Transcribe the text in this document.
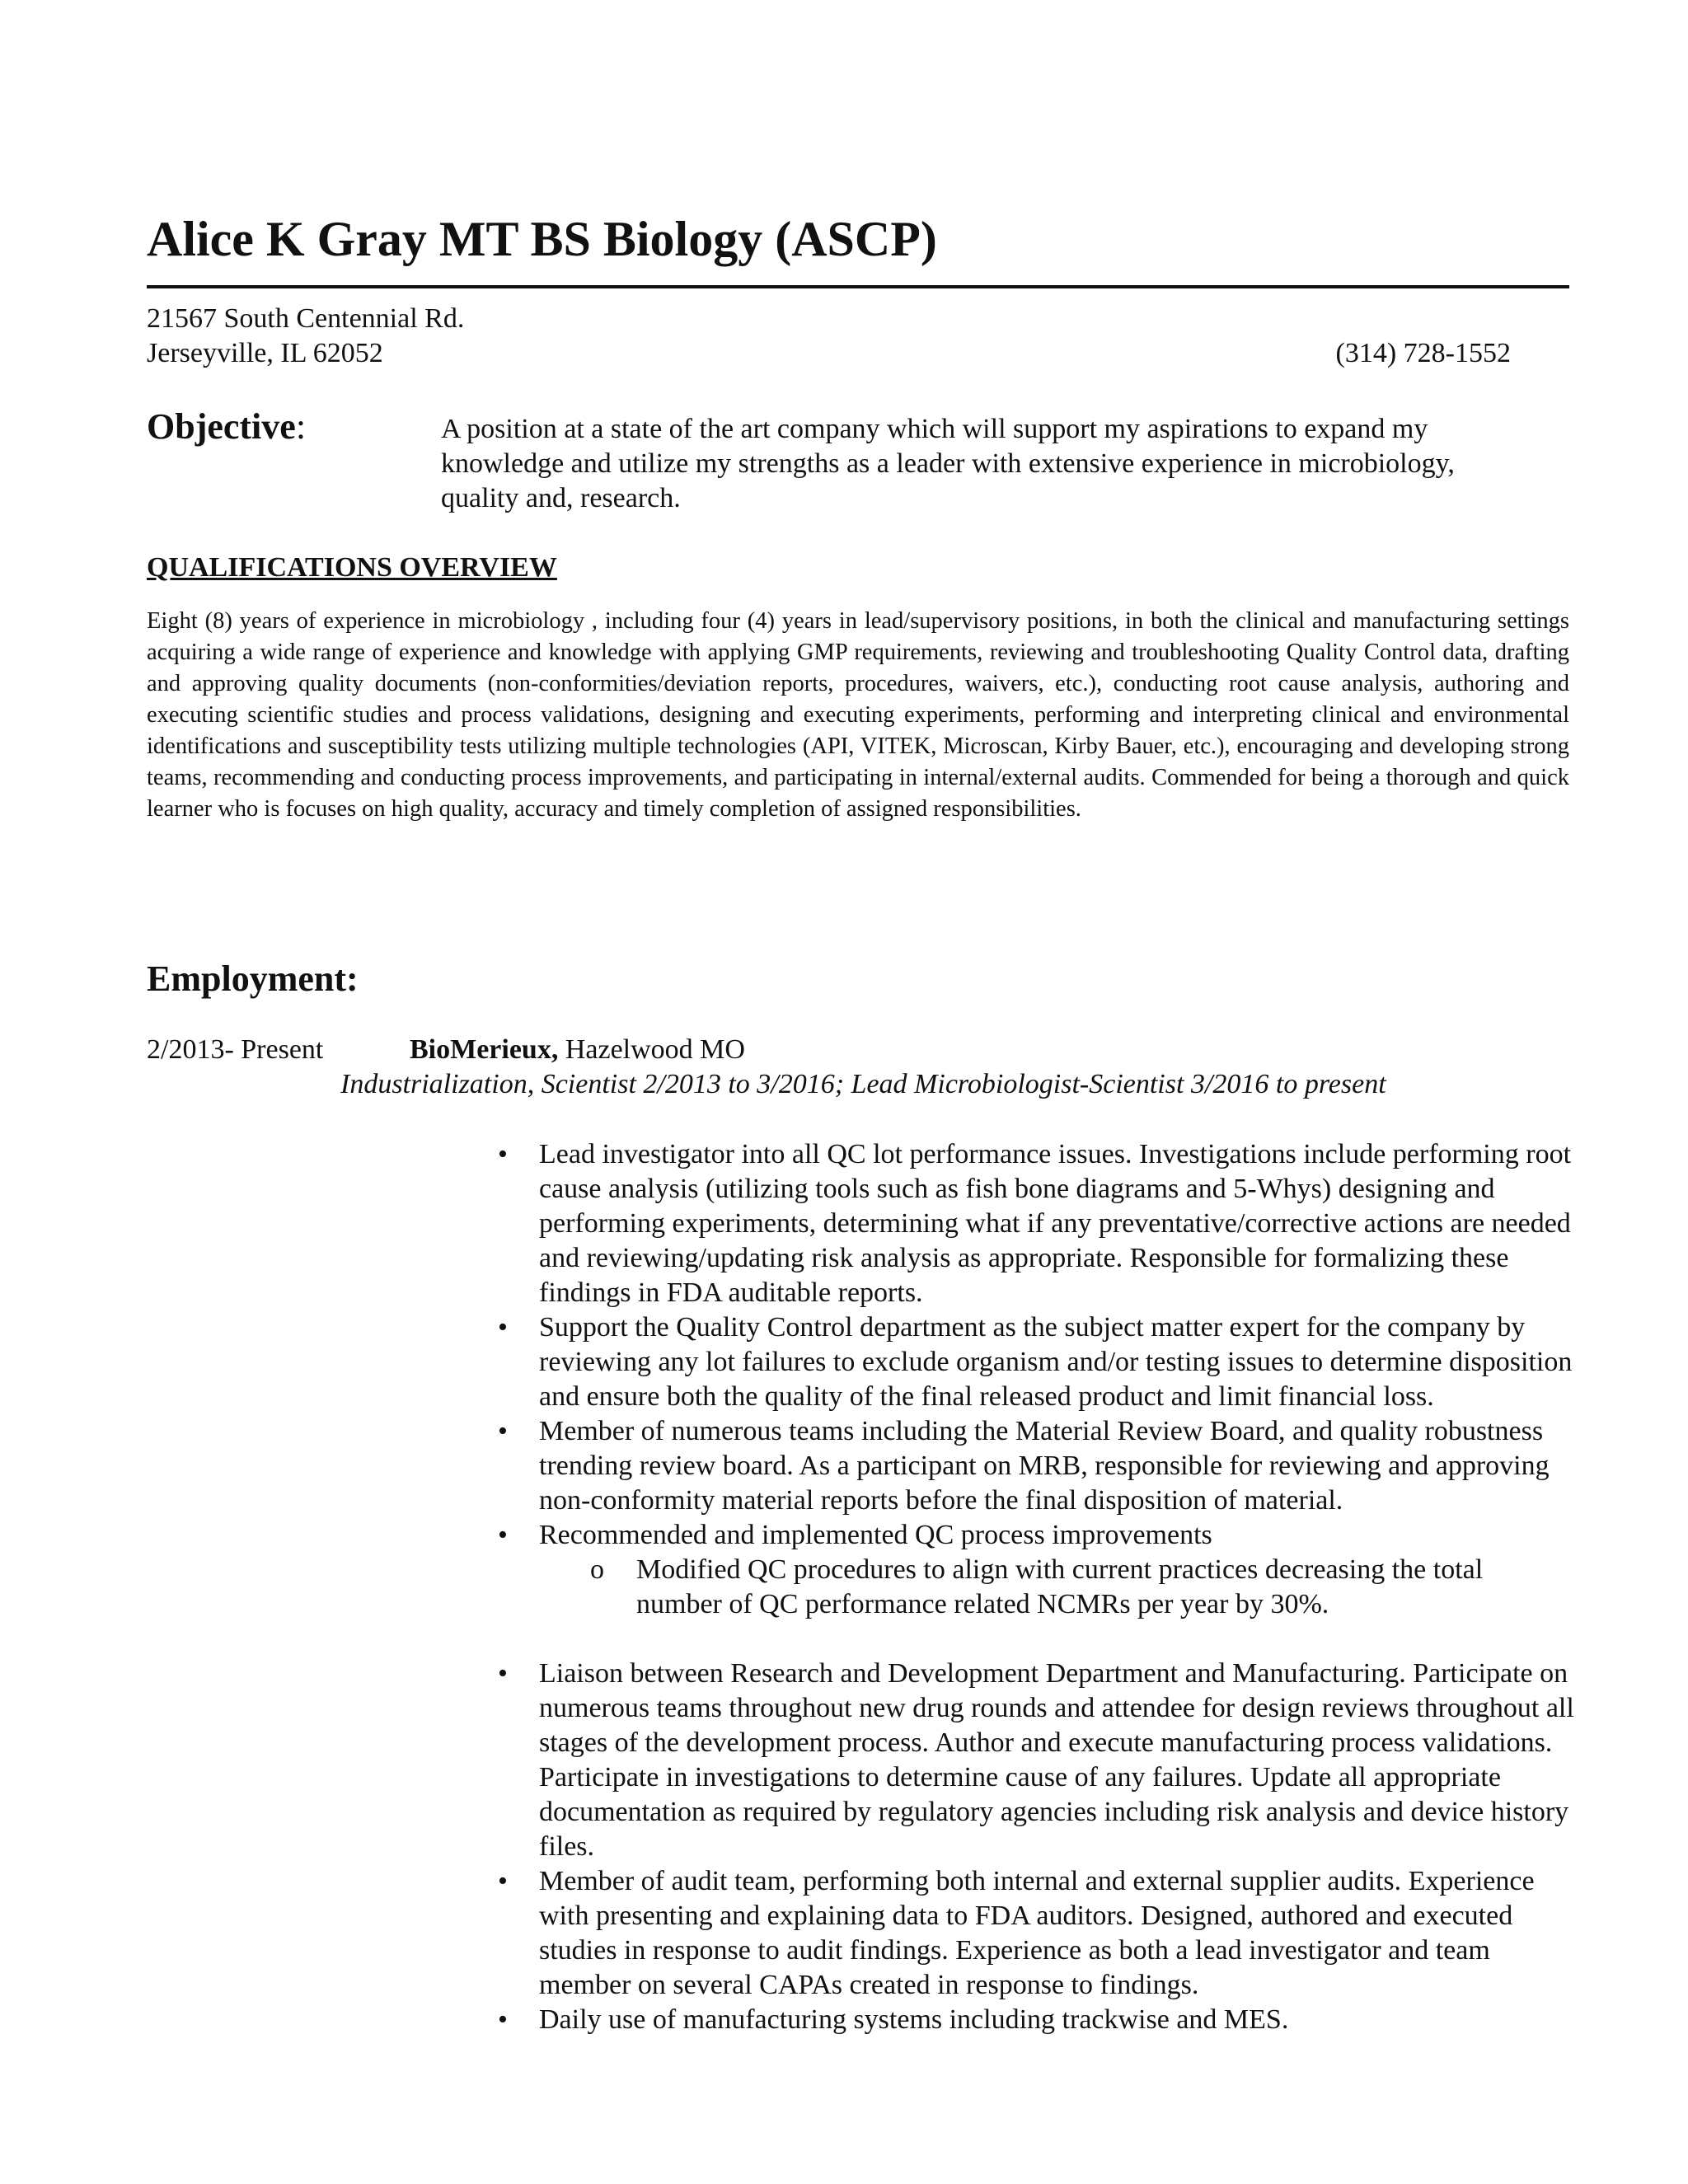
Alice K Gray MT BS Biology (ASCP)
21567 South Centennial Rd.
Jerseyville, IL 62052	(314) 728-1552
Objective:	A position at a state of the art company which will support my aspirations to expand my knowledge and utilize my strengths as a leader with extensive experience in microbiology, quality and, research.
QUALIFICATIONS OVERVIEW
Eight (8) years of experience in microbiology , including four (4) years in lead/supervisory positions, in both the clinical and manufacturing settings acquiring a wide range of experience and knowledge with applying GMP requirements, reviewing and troubleshooting Quality Control data, drafting and approving quality documents (non-conformities/deviation reports, procedures, waivers, etc.), conducting root cause analysis, authoring and executing scientific studies and process validations, designing and executing experiments, performing and interpreting clinical and environmental identifications and susceptibility tests utilizing multiple technologies (API, VITEK, Microscan, Kirby Bauer, etc.), encouraging and developing strong teams, recommending and conducting process improvements, and participating in internal/external audits. Commended for being a thorough and quick learner who is focuses on high quality, accuracy and timely completion of assigned responsibilities.
Employment:
2/2013- Present	BioMerieux, Hazelwood MO
Industrialization, Scientist 2/2013 to 3/2016; Lead Microbiologist-Scientist 3/2016 to present
• Lead investigator into all QC lot performance issues. Investigations include performing root cause analysis (utilizing tools such as fish bone diagrams and 5-Whys) designing and performing experiments, determining what if any preventative/corrective actions are needed and reviewing/updating risk analysis as appropriate. Responsible for formalizing these findings in FDA auditable reports.
• Support the Quality Control department as the subject matter expert for the company by reviewing any lot failures to exclude organism and/or testing issues to determine disposition and ensure both the quality of the final released product and limit financial loss.
• Member of numerous teams including the Material Review Board, and quality robustness trending review board. As a participant on MRB, responsible for reviewing and approving non-conformity material reports before the final disposition of material.
• Recommended and implemented QC process improvements
o Modified QC procedures to align with current practices decreasing the total number of QC performance related NCMRs per year by 30%.
• Liaison between Research and Development Department and Manufacturing. Participate on numerous teams throughout new drug rounds and attendee for design reviews throughout all stages of the development process. Author and execute manufacturing process validations. Participate in investigations to determine cause of any failures. Update all appropriate documentation as required by regulatory agencies including risk analysis and device history files.
• Member of audit team, performing both internal and external supplier audits. Experience with presenting and explaining data to FDA auditors. Designed, authored and executed studies in response to audit findings. Experience as both a lead investigator and team member on several CAPAs created in response to findings.
• Daily use of manufacturing systems including trackwise and MES.
